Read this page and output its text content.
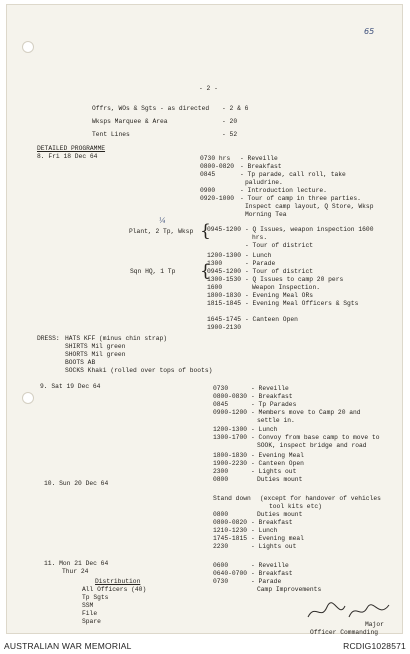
65
- 2 -
Offrs, WOs & Sgts - as directed - 2 & 6
Wksps Marquee & Area	- 20
Tent Lines	- 52
DETAILED PROGRAMME
8. Fri 18 Dec 64	0730 hrs - Reveille
0800-0820 - Breakfast
0845	- Tp parade, call roll, take
paludrine.
0900	- Introduction lecture.
0920-1000 - Tour of camp in three parties.
Inspect camp layout, Q Store, Wksp
Morning Tea
Plant, 2 Tp, Wksp {
¼
0945-1200 - Q Issues, weapon inspection 1600
hrs.
- Tour of district
1200-1300 - Lunch
1300	- Parade
Sqn HQ, 1 Tp {
0945-1200 - Tour of district
1300-1530 - Q Issues to camp 20 pers
1600	Weapon Inspection.
1800-1830 - Evening Meal ORs
1815-1845 - Evening Meal Officers & Sgts
1645-1745 - Canteen Open
1900-2130
DRESS: HATS KFF (minus chin strap)
SHIRTS Mil green
SHORTS Mil green
BOOTS AB
SOCKS Khaki (rolled over tops of boots)
9. Sat 19 Dec 64	0730	- Reveille
0800-0830 - Breakfast
0845	- Tp Parades
0900-1200 - Members move to Camp 20 and
settle in.
1200-1300 - Lunch
1300-1700 - Convoy from base camp to move to
SOOK, inspect bridge and road
1800-1830 - Evening Meal
1900-2230 - Canteen Open
2300	- Lights out
0800	Duties mount
10. Sun 20 Dec 64
Stand down (except for handover of vehicles
tool kits etc)
0800	Duties mount
0800-0820 - Breakfast
1210-1230 - Lunch
1745-1815 - Evening meal
2230	- Lights out
11. Mon 21 Dec 64
Thur 24
0600	- Reveille
0640-0700 - Breakfast
0730	- Parade
Camp Improvements
Distribution
All Officers (40)
Tp Sgts
SSM
File
Spare	Major
Officer Commanding
AUSTRALIAN WAR MEMORIAL	RCDIG1028571
